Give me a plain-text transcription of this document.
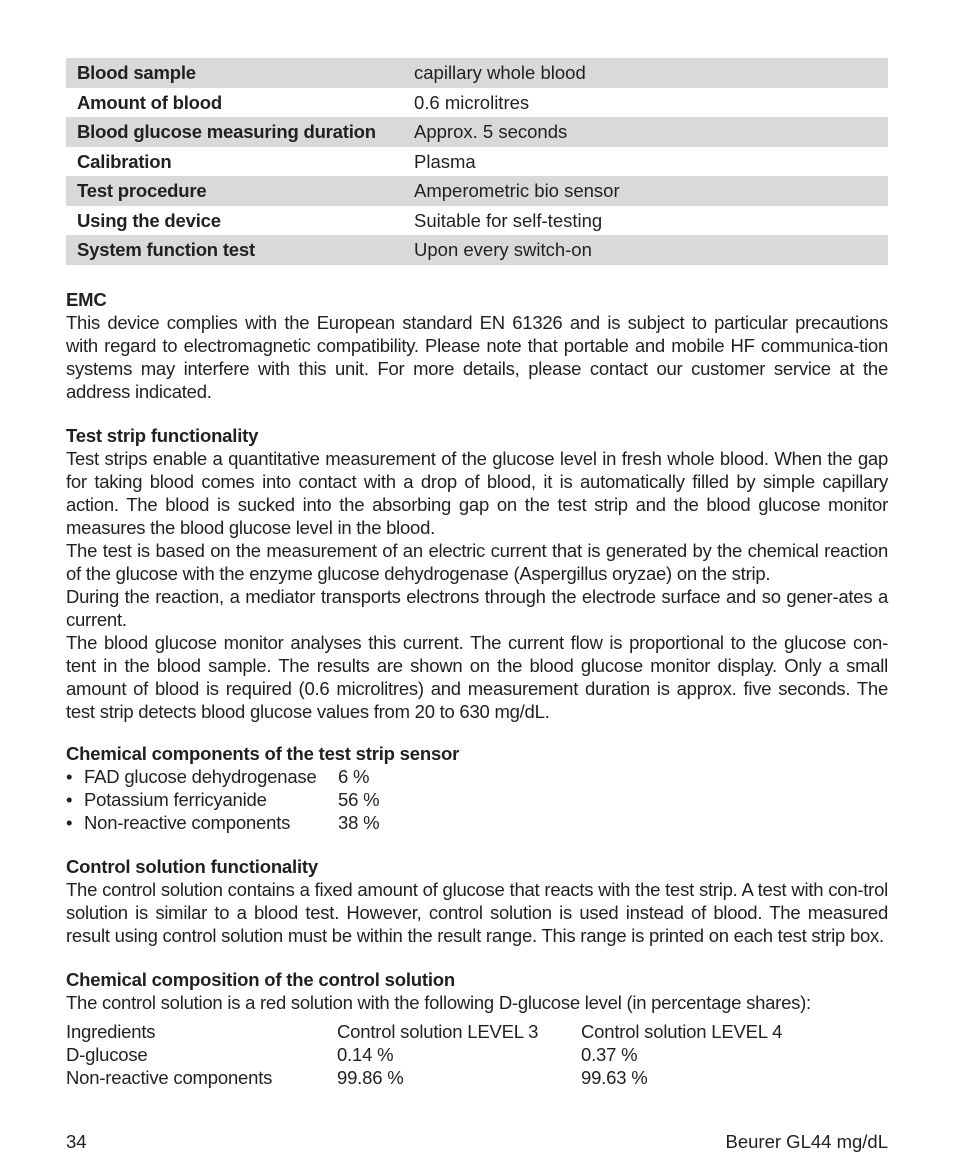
Blood sample	capillary whole blood
Amount of blood	0.6 microlitres
Blood glucose measuring duration	Approx. 5 seconds
Calibration	Plasma
Test procedure	Amperometric bio sensor
Using the device	Suitable for self-testing
System function test	Upon every switch-on
EMC

This device complies with the European standard EN 61326 and is subject to particular precautions with regard to electromagnetic compatibility. Please note that portable and mobile HF communica-tion systems may interfere with this unit. For more details, please contact our customer service at the address indicated.

Test strip functionality

Test strips enable a quantitative measurement of the glucose level in fresh whole blood. When the gap for taking blood comes into contact with a drop of blood, it is automatically filled by simple capillary action. The blood is sucked into the absorbing gap on the test strip and the blood glucose monitor measures the blood glucose level in the blood.

The test is based on the measurement of an electric current that is generated by the chemical reaction of the glucose with the enzyme glucose dehydrogenase (Aspergillus oryzae) on the strip.

During the reaction, a mediator transports electrons through the electrode surface and so gener-ates a current.

The blood glucose monitor analyses this current. The current flow is proportional to the glucose con-tent in the blood sample. The results are shown on the blood glucose monitor display. Only a small amount of blood is required (0.6 microlitres) and measurement duration is approx. five seconds. The test strip detects blood glucose values from 20 to 630 mg/dL.

Chemical components of the test strip sensor
• FAD glucose dehydrogenase	6 %
• Potassium ferricyanide	56 %
• Non-reactive components	38 %
Control solution functionality

The control solution contains a fixed amount of glucose that reacts with the test strip. A test with con-trol solution is similar to a blood test. However, control solution is used instead of blood. The measured result using control solution must be within the result range. This range is printed on each test strip box.

Chemical composition of the control solution

The control solution is a red solution with the following D-glucose level (in percentage shares):

Ingredients	Control solution LEVEL 3	Control solution LEVEL 4
D-glucose	0.14 %	0.37 %
Non-reactive components	99.86 %	99.63 %
34	Beurer GL44 mg/dL
